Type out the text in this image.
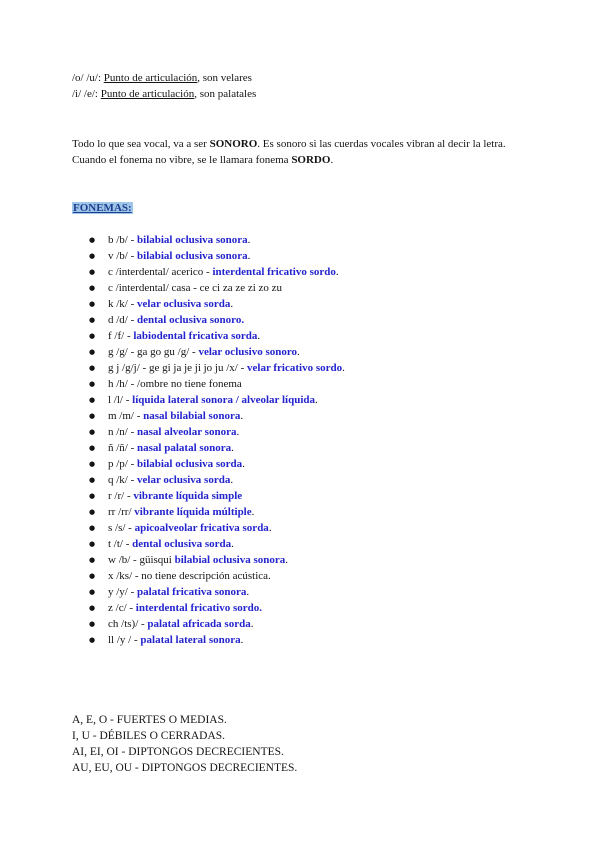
/o/ /u/: Punto de articulación, son velares
/i/ /e/: Punto de articulación, son palatales

Todo lo que sea vocal, va a ser SONORO. Es sonoro si las cuerdas vocales vibran al decir la letra.

Cuando el fonema no vibre, se le llamara fonema SORDO.

FONEMAS:
● b /b/ - bilabial oclusiva sonora.
● v /b/ - bilabial oclusiva sonora.
● c /interdental/ acerico - interdental fricativo sordo.
● c /interdental/ casa - ce ci za ze zi zo zu
● k /k/ - velar oclusiva sorda.
● d /d/ - dental oclusiva sonoro.
● f /f/ - labiodental fricativa sorda.
● g /g/ - ga go gu /g/ - velar oclusivo sonoro.
● g j /g/j/ - ge gi ja je ji jo ju /x/ - velar fricativo sordo.
● h /h/ - /ombre no tiene fonema
● l /l/ - líquida lateral sonora / alveolar líquida.
● m /m/ - nasal bilabial sonora.
● n /n/ - nasal alveolar sonora.
● ñ /ñ/ - nasal palatal sonora.
● p /p/ - bilabial oclusiva sorda.
● q /k/ - velar oclusiva sorda.
● r /r/ - vibrante líquida simple
● rr /rr/ vibrante líquida múltiple.
● s /s/ - apicoalveolar fricativa sorda.
● t /t/ - dental oclusiva sorda.
● w /b/ - güisqui bilabial oclusiva sonora.
● x /ks/ - no tiene descripción acústica.
● y /y/ - palatal fricativa sonora.
● z /c/ - interdental fricativo sordo.
● ch /ts)/ - palatal africada sorda.
● ll /y / - palatal lateral sonora.
A, E, O - FUERTES O MEDIAS.
I, U - DÉBILES O CERRADAS.
AI, EI, OI - DIPTONGOS DECRECIENTES.
AU, EU, OU - DIPTONGOS DECRECIENTES.
